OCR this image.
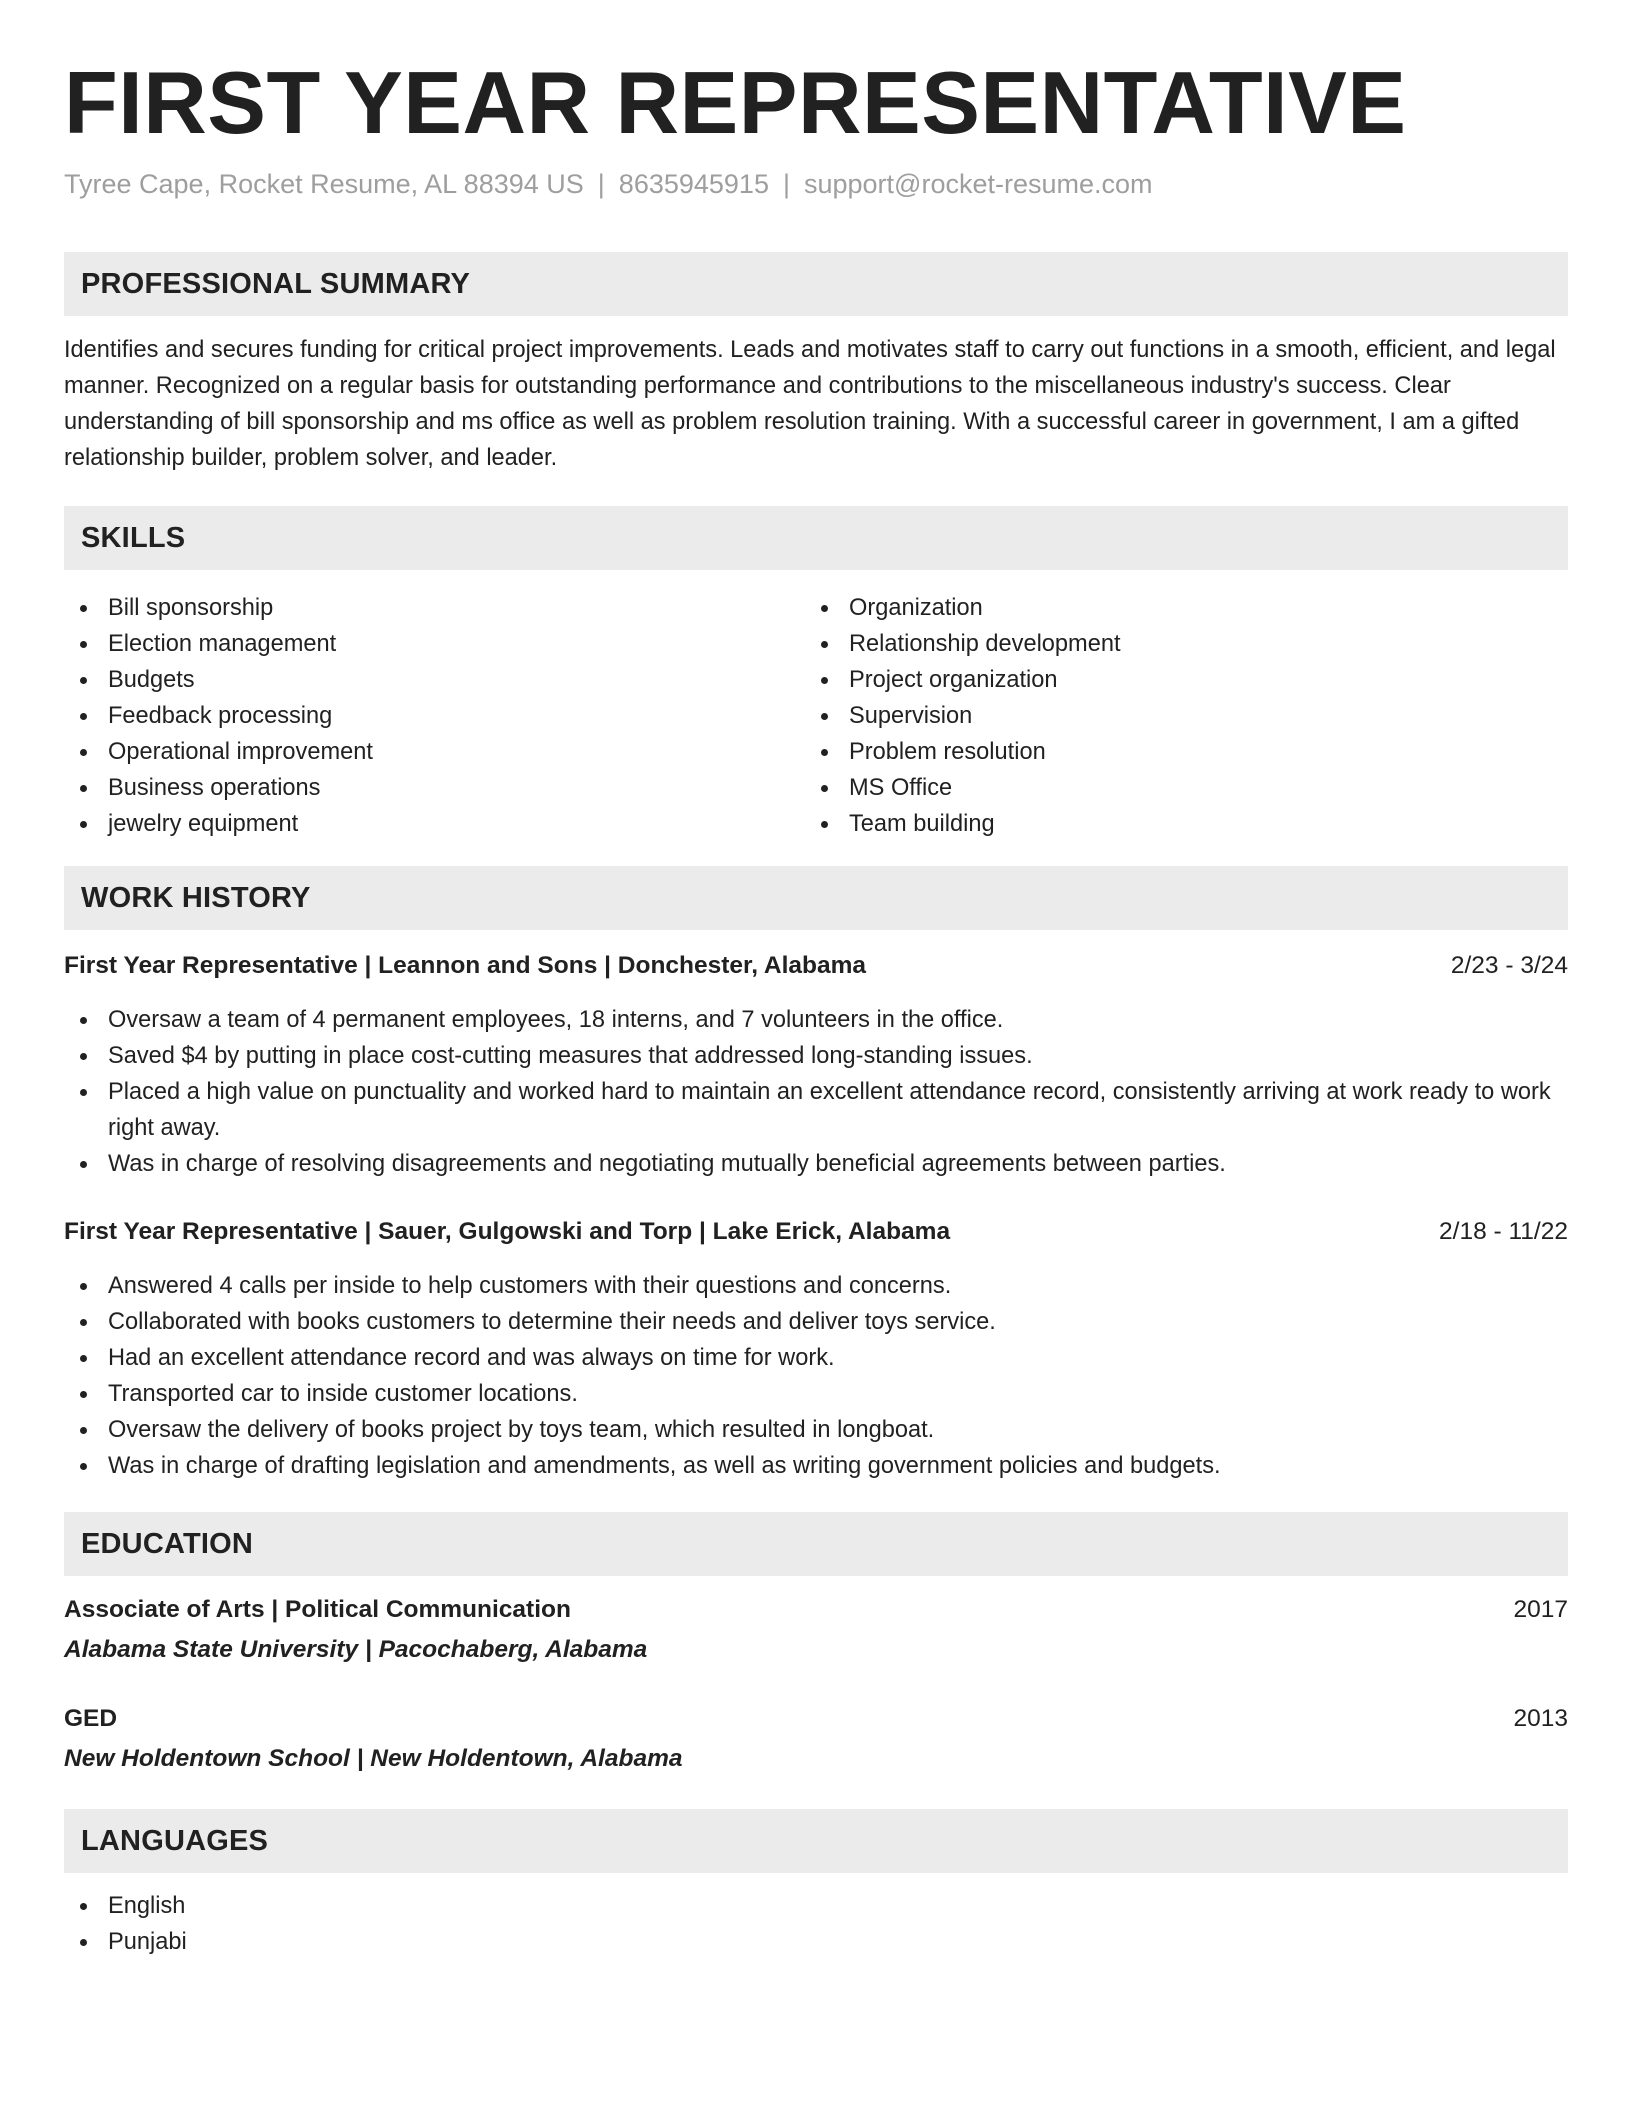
FIRST YEAR REPRESENTATIVE
Tyree Cape, Rocket Resume, AL 88394 US | 8635945915 | support@rocket-resume.com
PROFESSIONAL SUMMARY

Identifies and secures funding for critical project improvements. Leads and motivates staff to carry out functions in a smooth, efficient, and legal manner. Recognized on a regular basis for outstanding performance and contributions to the miscellaneous industry's success. Clear understanding of bill sponsorship and ms office as well as problem resolution training. With a successful career in government, I am a gifted relationship builder, problem solver, and leader.

SKILLS
Bill sponsorship
Election management
Budgets
Feedback processing
Operational improvement
Business operations
jewelry equipment
Organization
Relationship development
Project organization
Supervision
Problem resolution
MS Office
Team building
WORK HISTORY
First Year Representative | Leannon and Sons | Donchester, Alabama	2/23 - 3/24
Oversaw a team of 4 permanent employees, 18 interns, and 7 volunteers in the office.
Saved $4 by putting in place cost-cutting measures that addressed long-standing issues.
Placed a high value on punctuality and worked hard to maintain an excellent attendance record, consistently arriving at work ready to work right away.
Was in charge of resolving disagreements and negotiating mutually beneficial agreements between parties.
First Year Representative | Sauer, Gulgowski and Torp | Lake Erick, Alabama	2/18 - 11/22
Answered 4 calls per inside to help customers with their questions and concerns.
Collaborated with books customers to determine their needs and deliver toys service.
Had an excellent attendance record and was always on time for work.
Transported car to inside customer locations.
Oversaw the delivery of books project by toys team, which resulted in longboat.
Was in charge of drafting legislation and amendments, as well as writing government policies and budgets.
EDUCATION
Associate of Arts | Political Communication	2017
Alabama State University | Pacochaberg, Alabama
GED	2013
New Holdentown School | New Holdentown, Alabama
LANGUAGES
English
Punjabi
